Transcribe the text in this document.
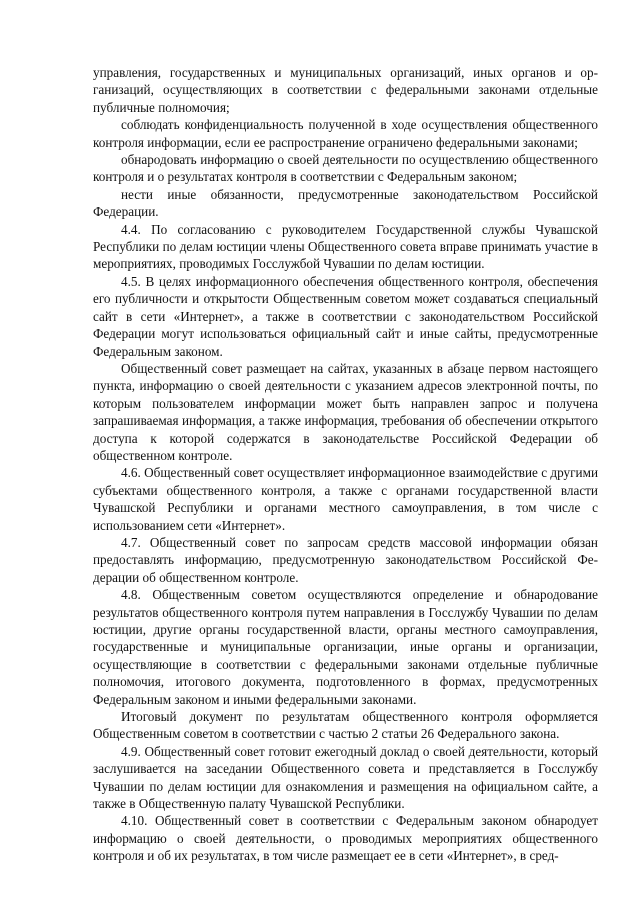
управления, государственных и муниципальных организаций, иных органов и организаций, осуществляющих в соответствии с федеральными законами отдельные публичные полномочия;

соблюдать конфиденциальность полученной в ходе осуществления общественного контроля информации, если ее распространение ограничено федеральными законами;

обнародовать информацию о своей деятельности по осуществлению общественного контроля и о результатах контроля в соответствии с Федеральным законом;

нести иные обязанности, предусмотренные законодательством Российской Федерации.

4.4. По согласованию с руководителем Государственной службы Чувашской Республики по делам юстиции члены Общественного совета вправе принимать участие в мероприятиях, проводимых Госслужбой Чувашии по делам юстиции.

4.5. В целях информационного обеспечения общественного контроля, обеспечения его публичности и открытости Общественным советом может создаваться специальный сайт в сети «Интернет», а также в соответствии с законодательством Российской Федерации могут использоваться официальный сайт и иные сайты, предусмотренные Федеральным законом.

Общественный совет размещает на сайтах, указанных в абзаце первом настоящего пункта, информацию о своей деятельности с указанием адресов электронной почты, по которым пользователем информации может быть направлен запрос и получена запрашиваемая информация, а также информация, требования об обеспечении открытого доступа к которой содержатся в законодательстве Российской Федерации об общественном контроле.

4.6. Общественный совет осуществляет информационное взаимодействие с другими субъектами общественного контроля, а также с органами государственной власти Чувашской Республики и органами местного самоуправления, в том числе с использованием сети «Интернет».

4.7. Общественный совет по запросам средств массовой информации обязан предоставлять информацию, предусмотренную законодательством Российской Федерации об общественном контроле.

4.8. Общественным советом осуществляются определение и обнародование результатов общественного контроля путем направления в Госслужбу Чувашии по делам юстиции, другие органы государственной власти, органы местного самоуправления, государственные и муниципальные организации, иные органы и организации, осуществляющие в соответствии с федеральными законами отдельные публичные полномочия, итогового документа, подготовленного в формах, предусмотренных Федеральным законом и иными федеральными законами.

Итоговый документ по результатам общественного контроля оформляется Общественным советом в соответствии с частью 2 статьи 26 Федерального закона.

4.9. Общественный совет готовит ежегодный доклад о своей деятельности, который заслушивается на заседании Общественного совета и представляется в Госслужбу Чувашии по делам юстиции для ознакомления и размещения на официальном сайте, а также в Общественную палату Чувашской Республики.

4.10. Общественный совет в соответствии с Федеральным законом обнародует информацию о своей деятельности, о проводимых мероприятиях общественного контроля и об их результатах, в том числе размещает ее в сети «Интернет», в сред-
